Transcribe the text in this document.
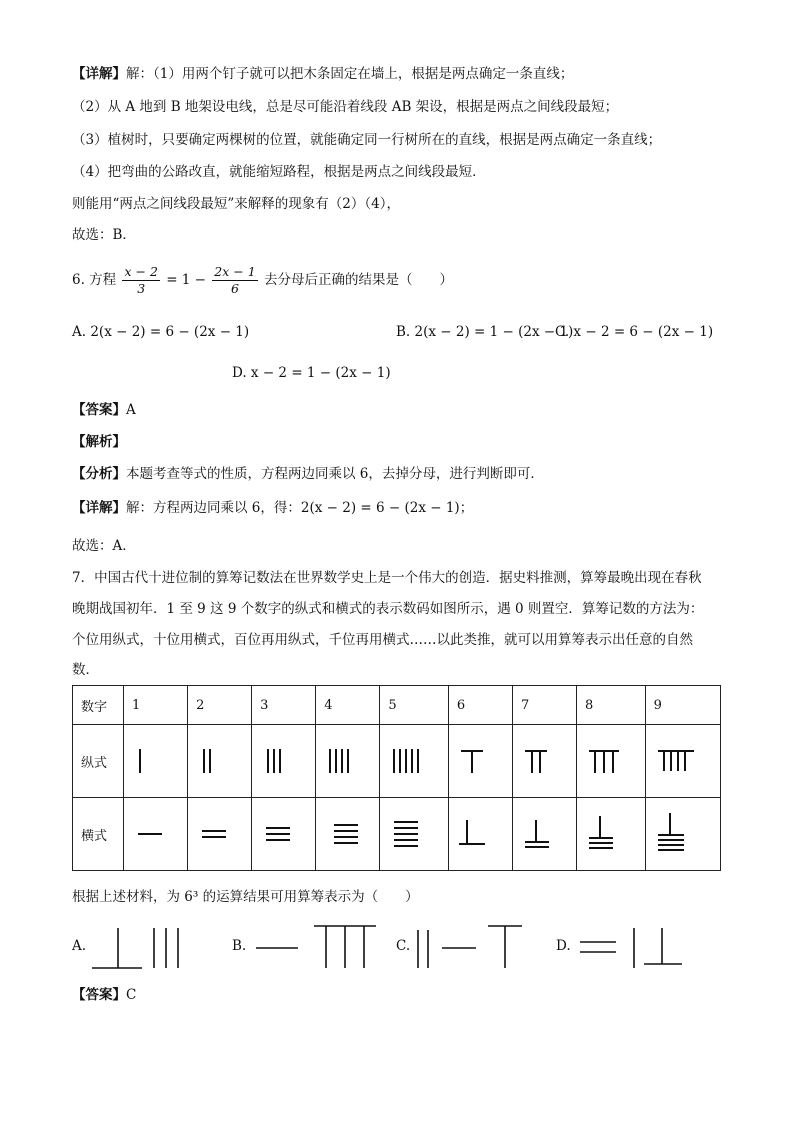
【详解】解：（1）用两个钉子就可以把木条固定在墙上，根据是两点确定一条直线；
（2）从 A 地到 B 地架设电线，总是尽可能沿着线段 AB 架设，根据是两点之间线段最短；
（3）植树时，只要确定两棵树的位置，就能确定同一行树所在的直线，根据是两点确定一条直线；
（4）把弯曲的公路改直，就能缩短路程，根据是两点之间线段最短．
则能用“两点之间线段最短”来解释的现象有（2）（4），
故选：B．
6. 方程 $\frac{x - 2}{3} = 1 - \frac{2x - 1}{6}$ 去分母后正确的结果是（　　）
A. 2(x − 2) = 6 − (2x − 1)	B. 2(x − 2) = 1 − (2x − 1)
C. x − 2 = 6 − (2x − 1)
D. x − 2 = 1 − (2x − 1)
【答案】A
【解析】
【分析】本题考查等式的性质，方程两边同乘以 6，去掉分母，进行判断即可．
【详解】解：方程两边同乘以 6，得：2(x − 2) = 6 − (2x − 1)；
故选：A．
7．中国古代十进位制的算筹记数法在世界数学史上是一个伟大的创造．据史料推测，算筹最晚出现在春秋
晚期战国初年．1 至 9 这 9 个数字的纵式和横式的表示数码如图所示，遇 0 则置空．算筹记数的方法为：
个位用纵式，十位用横式，百位再用纵式，千位再用横式……以此类推，就可以用算筹表示出任意的自然
数．
数字	1	2	3	4	5	6	7	8	9
纵式	

横式	

根据上述材料，为 6³ 的运算结果可用算筹表示为（　　）
A.	B.	C.	D.
【答案】C
